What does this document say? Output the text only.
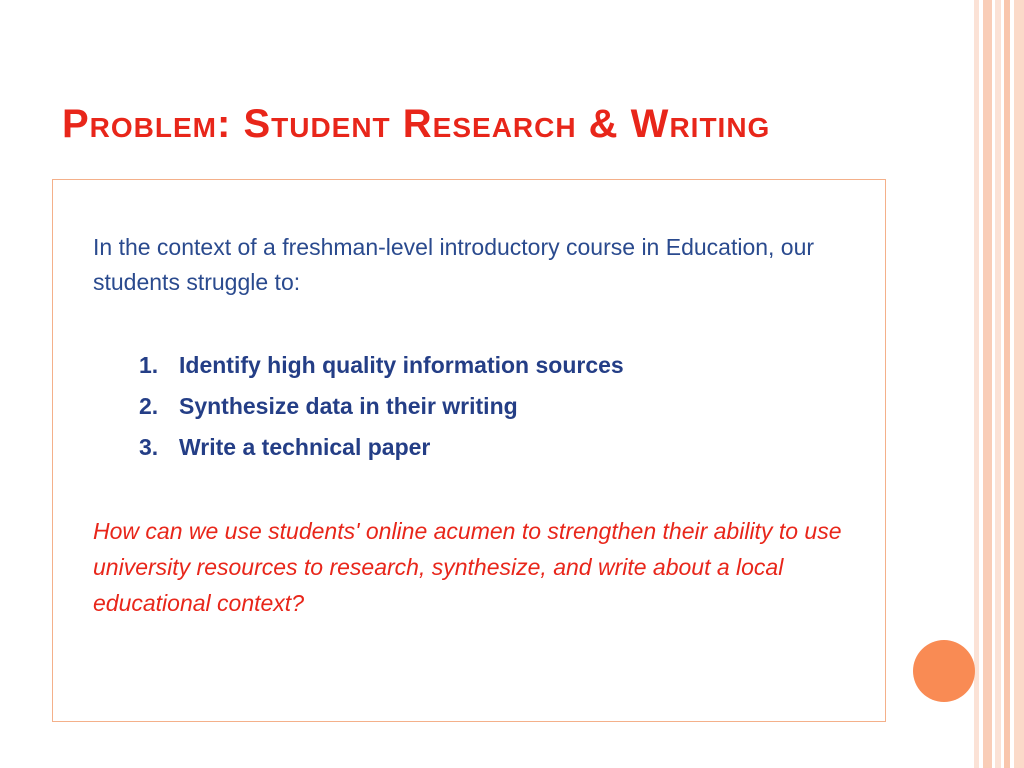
Problem: Student Research & Writing

In the context of a freshman-level introductory course in Education, our students struggle to:

1. Identify high quality information sources
2. Synthesize data in their writing
3. Write a technical paper

How can we use students' online acumen to strengthen their ability to use university resources to research, synthesize, and write about a local educational context?
